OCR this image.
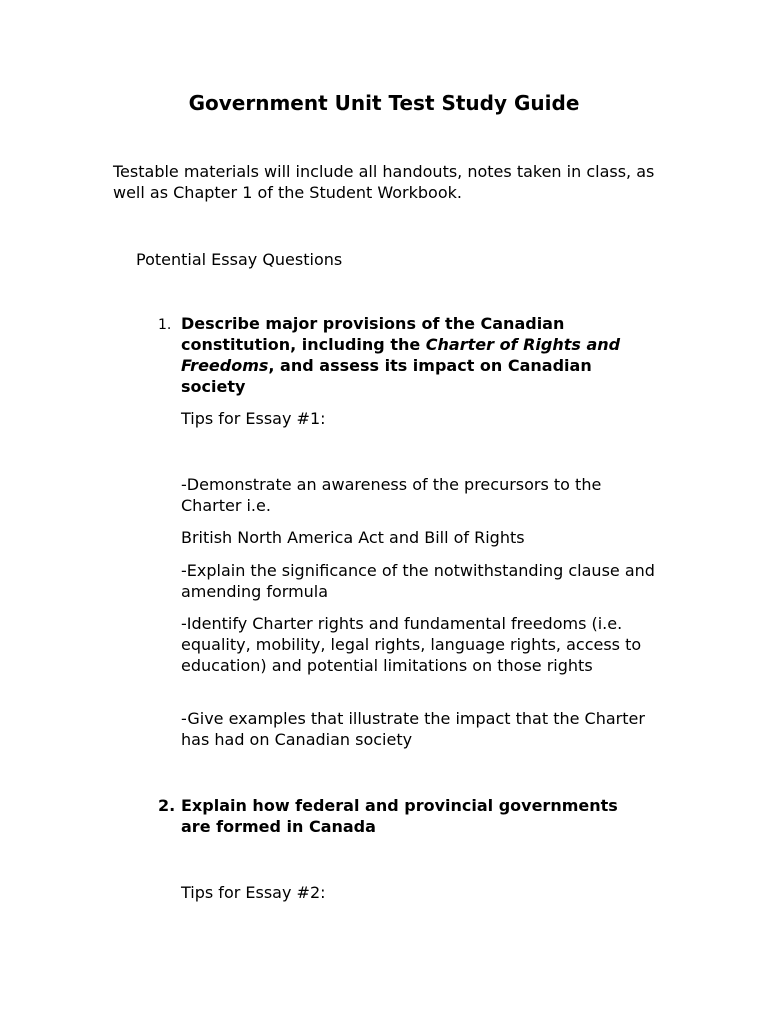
Government Unit Test Study Guide

Testable materials will include all handouts, notes taken in class, as well as Chapter 1 of the Student Workbook.

Potential Essay Questions

1. Describe major provisions of the Canadian constitution, including the Charter of Rights and Freedoms, and assess its impact on Canadian society

Tips for Essay #1:

-Demonstrate an awareness of the precursors to the Charter i.e.

British North America Act and Bill of Rights

-Explain the significance of the notwithstanding clause and amending formula

-Identify Charter rights and fundamental freedoms (i.e. equality, mobility, legal rights, language rights, access to education) and potential limitations on those rights

-Give examples that illustrate the impact that the Charter has had on Canadian society

2. Explain how federal and provincial governments are formed in Canada

Tips for Essay #2:
